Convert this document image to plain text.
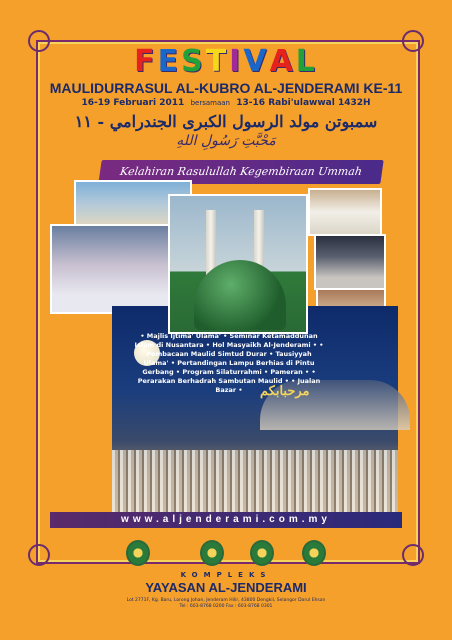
FESTIVAL
MAULIDURRASUL AL-KUBRO AL-JENDERAMI KE-11
16-19 Februari 2011 bersamaan 13-16 Rabi'ulawwal 1432H
سمبوتن مولد الرسول الكبرى الجندرامي - ١١
مَحْبَّتِ رَسُولِ اللهِ
Kelahiran Rasulullah Kegembiraan Ummah
• Majlis Ijtima' Ulama' • Seminar Ketamaddunan Islam di Nusantara • Hol Masyaikh Al-Jenderami • • Pembacaan Maulid Simtud Durar • Tausiyyah Ulama' • Pertandingan Lampu Berhias di Pintu Gerbang • Program Silaturrahmi • Pameran • • Perarakan Berhadrah Sambutan Maulid • • Jualan Bazar •	مرحبابكم
www.aljenderami.com.my
KOMPLEKS
YAYASAN AL-JENDERAMI
Lot 2771F, Kg. Baru, Lorong Johan, Jenderam Hilir, 43800 Dengkil, Selangor Darul Ehsan
Tel : 603-8768 0200 Fax : 603-8768 0301
